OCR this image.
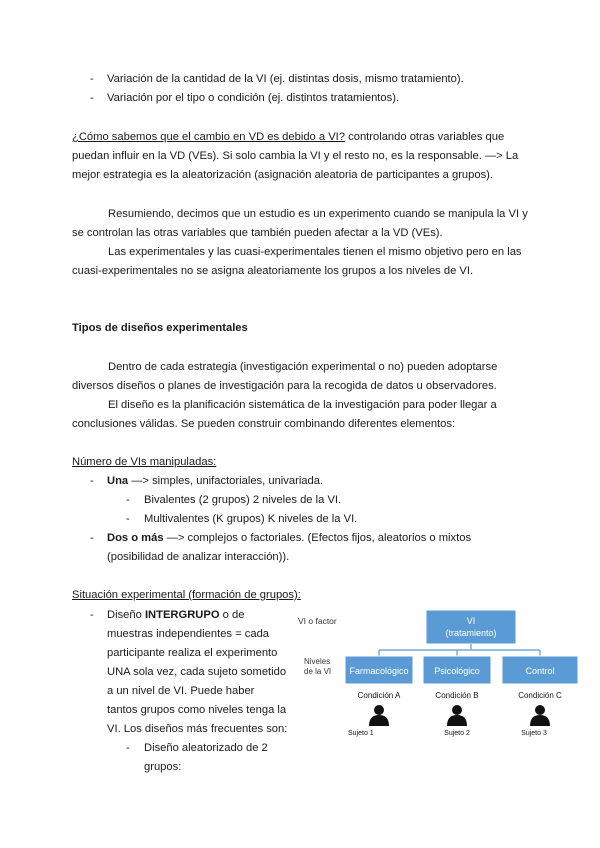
- Variación de la cantidad de la VI (ej. distintas dosis, mismo tratamiento).
- Variación por el tipo o condición (ej. distintos tratamientos).
¿Cómo sabemos que el cambio en VD es debido a VI? controlando otras variables que
puedan influir en la VD (VEs). Si solo cambia la VI y el resto no, es la responsable. —> La
mejor estrategia es la aleatorización (asignación aleatoria de participantes a grupos).
Resumiendo, decimos que un estudio es un experimento cuando se manipula la VI y
se controlan las otras variables que también pueden afectar a la VD (VEs).
Las experimentales y las cuasi-experimentales tienen el mismo objetivo pero en las
cuasi-experimentales no se asigna aleatoriamente los grupos a los niveles de VI.
Tipos de diseños experimentales
Dentro de cada estrategia (investigación experimental o no) pueden adoptarse
diversos diseños o planes de investigación para la recogida de datos u observadores.
El diseño es la planificación sistemática de la investigación para poder llegar a
conclusiones válidas. Se pueden construir combinando diferentes elementos:
Número de VIs manipuladas:
- Una —> simples, unifactoriales, univariada.
- Bivalentes (2 grupos) 2 niveles de la VI.
- Multivalentes (K grupos) K niveles de la VI.
- Dos o más —> complejos o factoriales. (Efectos fijos, aleatorios o mixtos
(posibilidad de analizar interacción)).
Situación experimental (formación de grupos):
- Diseño INTERGRUPO o de
muestras independientes = cada
participante realiza el experimento
UNA sola vez, cada sujeto sometido
a un nivel de VI. Puede haber
tantos grupos como niveles tenga la
VI. Los diseños más frecuentes son:
- Diseño aleatorizado de 2
grupos:
VI o factor	VI
(tratamiento)
Niveles
de la VI Farmacológico	Psicológico	Control
Condición A	Condición B	Condición C
Sujeto 1	Sujeto 2	Sujeto 3
